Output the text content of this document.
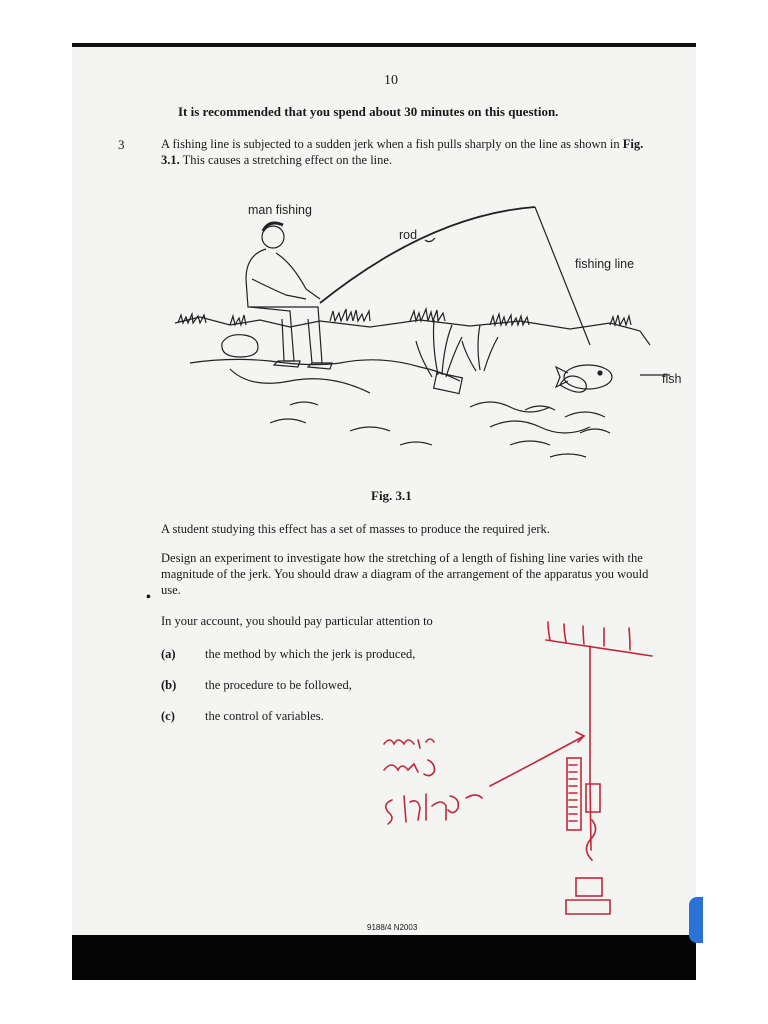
10
It is recommended that you spend about 30 minutes on this question.
3	A fishing line is subjected to a sudden jerk when a fish pulls sharply on the line as shown in Fig. 3.1. This causes a stretching effect on the line.
man fishing
rod
fishing line
fish
Fig. 3.1
A student studying this effect has a set of masses to produce the required jerk.
Design an experiment to investigate how the stretching of a length of fishing line varies with the magnitude of the jerk. You should draw a diagram of the arrangement of the apparatus you would use.
•
In your account, you should pay particular attention to
(a) the method by which the jerk is produced,
(b) the procedure to be followed,
(c) the control of variables.
9188/4 N2003
